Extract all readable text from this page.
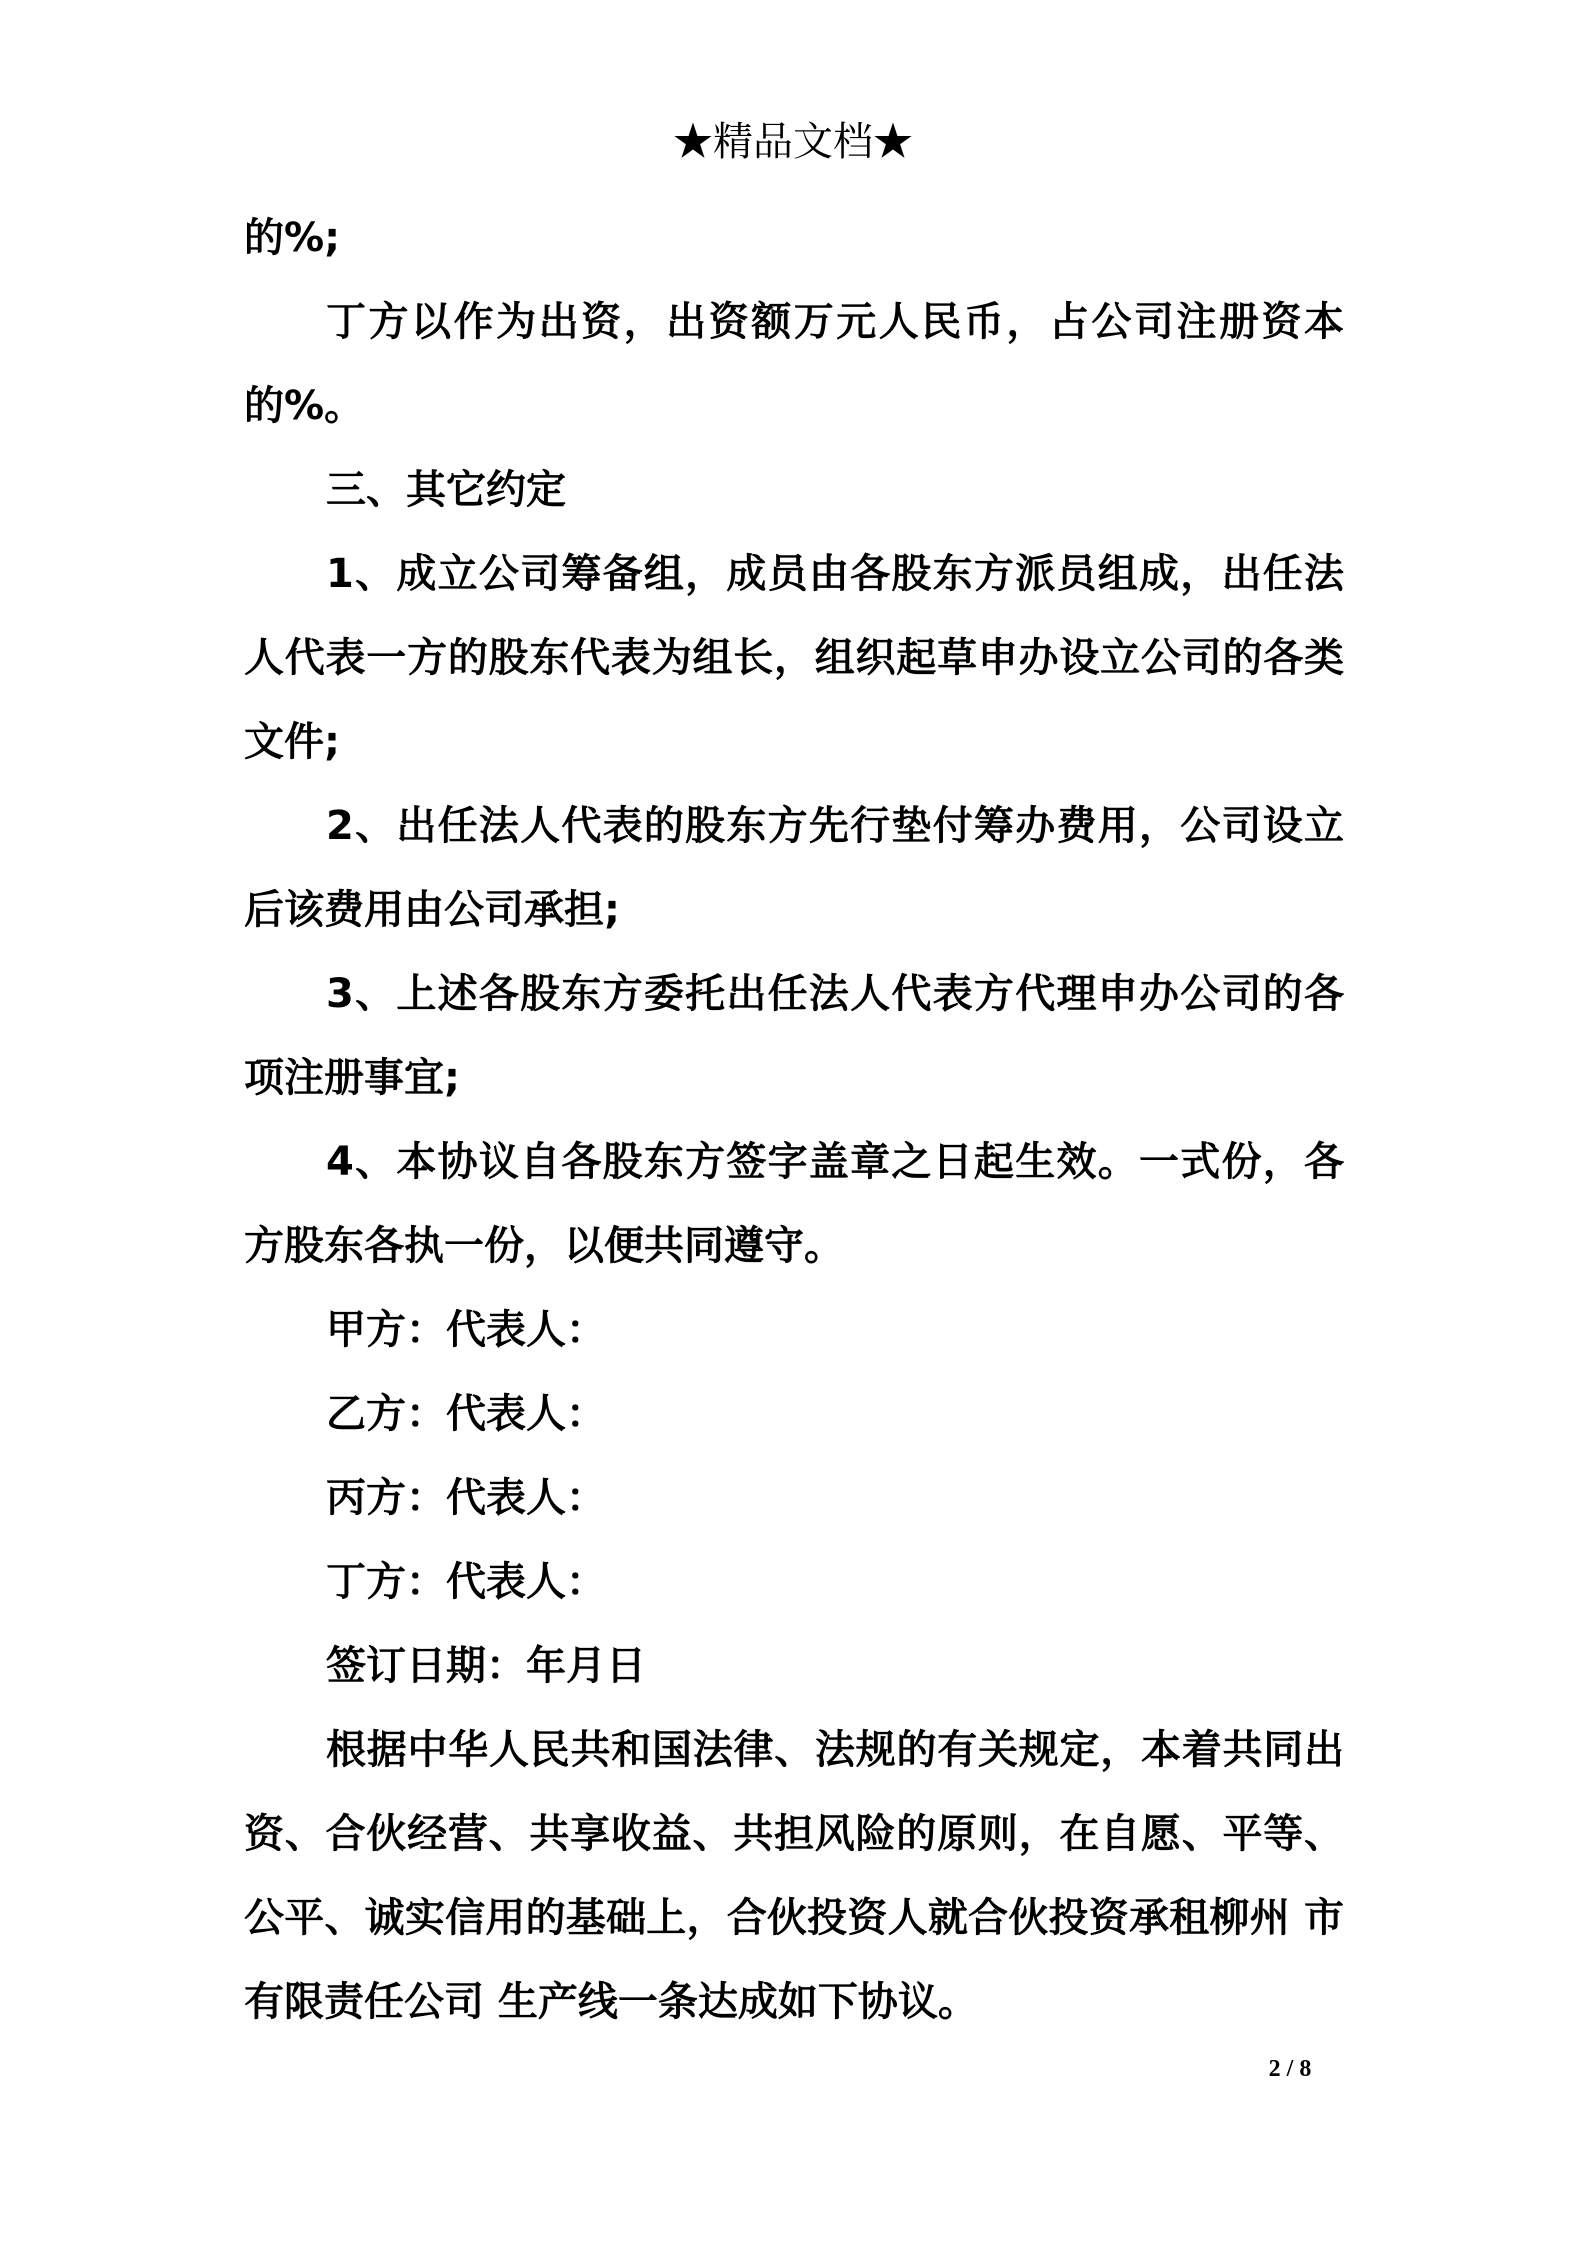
★精品文档★

的%;

丁方以作为出资，出资额万元人民币，占公司注册资本的%。

三、其它约定

1、成立公司筹备组，成员由各股东方派员组成，出任法人代表一方的股东代表为组长，组织起草申办设立公司的各类文件;

2、出任法人代表的股东方先行垫付筹办费用，公司设立后该费用由公司承担;

3、上述各股东方委托出任法人代表方代理申办公司的各项注册事宜;

4、本协议自各股东方签字盖章之日起生效。一式份，各方股东各执一份，以便共同遵守。

甲方：代表人：

乙方：代表人：

丙方：代表人：

丁方：代表人：

签订日期：年月日

根据中华人民共和国法律、法规的有关规定，本着共同出资、合伙经营、共享收益、共担风险的原则，在自愿、平等、公平、诚实信用的基础上，合伙投资人就合伙投资承租柳州 市 有限责任公司 生产线一条达成如下协议。

2 / 8
